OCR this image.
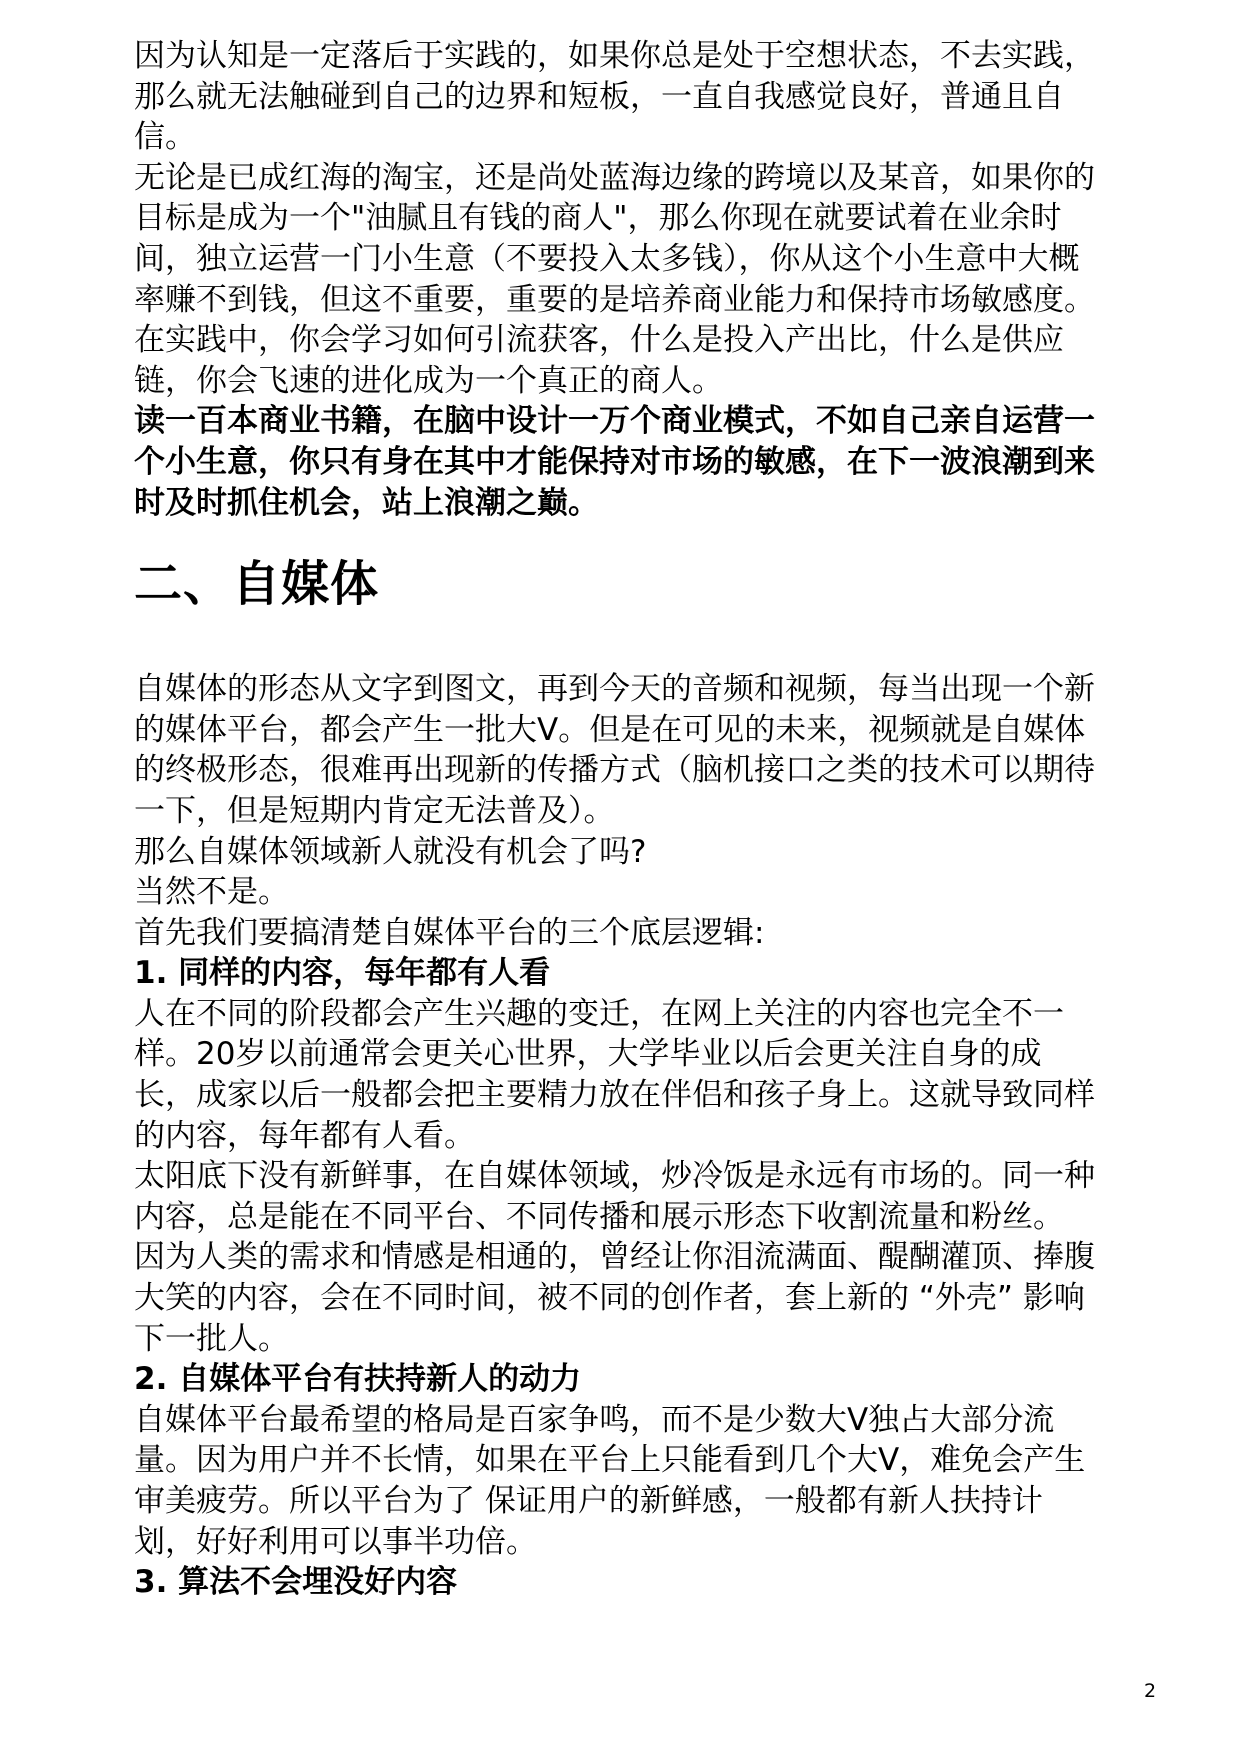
因为认知是一定落后于实践的，如果你总是处于空想状态，不去实践，那么就无法触碰到自己的边界和短板，一直自我感觉良好，普通且自信。

无论是已成红海的淘宝，还是尚处蓝海边缘的跨境以及某音，如果你的目标是成为一个"油腻且有钱的商人"，那么你现在就要试着在业余时间，独立运营一门小生意（不要投入太多钱），你从这个小生意中大概率赚不到钱，但这不重要，重要的是培养商业能力和保持市场敏感度。在实践中，你会学习如何引流获客，什么是投入产出比，什么是供应链，你会飞速的进化成为一个真正的商人。

读一百本商业书籍，在脑中设计一万个商业模式，不如自己亲自运营一个小生意，你只有身在其中才能保持对市场的敏感，在下一波浪潮到来时及时抓住机会，站上浪潮之巅。

二、自媒体

自媒体的形态从文字到图文，再到今天的音频和视频，每当出现一个新的媒体平台，都会产生一批大V。但是在可见的未来，视频就是自媒体的终极形态，很难再出现新的传播方式（脑机接口之类的技术可以期待一下，但是短期内肯定无法普及）。

那么自媒体领域新人就没有机会了吗?

当然不是。

首先我们要搞清楚自媒体平台的三个底层逻辑:

1. 同样的内容，每年都有人看

人在不同的阶段都会产生兴趣的变迁，在网上关注的内容也完全不一样。20岁以前通常会更关心世界，大学毕业以后会更关注自身的成长，成家以后一般都会把主要精力放在伴侣和孩子身上。这就导致同样的内容，每年都有人看。

太阳底下没有新鲜事，在自媒体领域，炒冷饭是永远有市场的。同一种内容，总是能在不同平台、不同传播和展示形态下收割流量和粉丝。

因为人类的需求和情感是相通的，曾经让你泪流满面、醍醐灌顶、捧腹大笑的内容，会在不同时间，被不同的创作者，套上新的 “外壳” 影响下一批人。

2. 自媒体平台有扶持新人的动力

自媒体平台最希望的格局是百家争鸣，而不是少数大V独占大部分流量。因为用户并不长情，如果在平台上只能看到几个大V，难免会产生审美疲劳。所以平台为了 保证用户的新鲜感，一般都有新人扶持计划，好好利用可以事半功倍。

3. 算法不会埋没好内容

2
